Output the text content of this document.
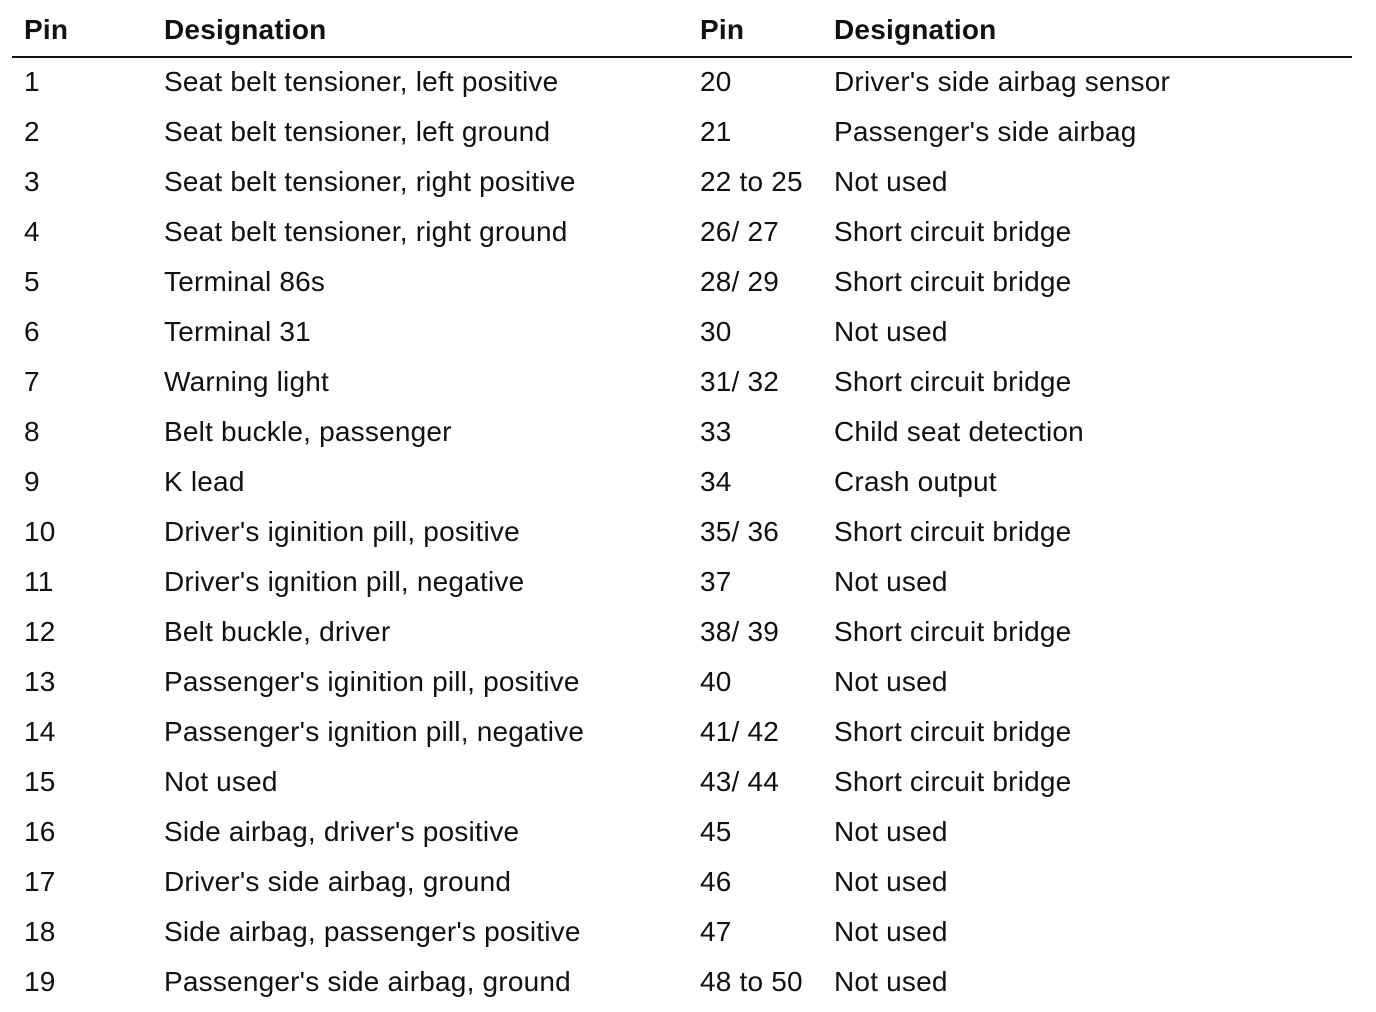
Pin	Designation	Pin	Designation
1	Seat belt tensioner, left positive	20	Driver's side airbag sensor
2	Seat belt tensioner, left ground	21	Passenger's side airbag
3	Seat belt tensioner, right positive	22 to 25 Not used
4	Seat belt tensioner, right ground	26/ 27 Short circuit bridge
5	Terminal 86s	28/ 29 Short circuit bridge
6	Terminal 31	30	Not used
7	Warning light	31/ 32 Short circuit bridge
8	Belt buckle, passenger	33	Child seat detection
9	K lead	34	Crash output
10	Driver's iginition pill, positive	35/ 36 Short circuit bridge
11	Driver's ignition pill, negative	37	Not used
12	Belt buckle, driver	38/ 39 Short circuit bridge
13	Passenger's iginition pill, positive	40	Not used
14	Passenger's ignition pill, negative	41/ 42 Short circuit bridge
15	Not used	43/ 44 Short circuit bridge
16	Side airbag, driver's positive	45	Not used
17	Driver's side airbag, ground	46	Not used
18	Side airbag, passenger's positive	47	Not used
19	Passenger's side airbag, ground	48 to 50 Not used
